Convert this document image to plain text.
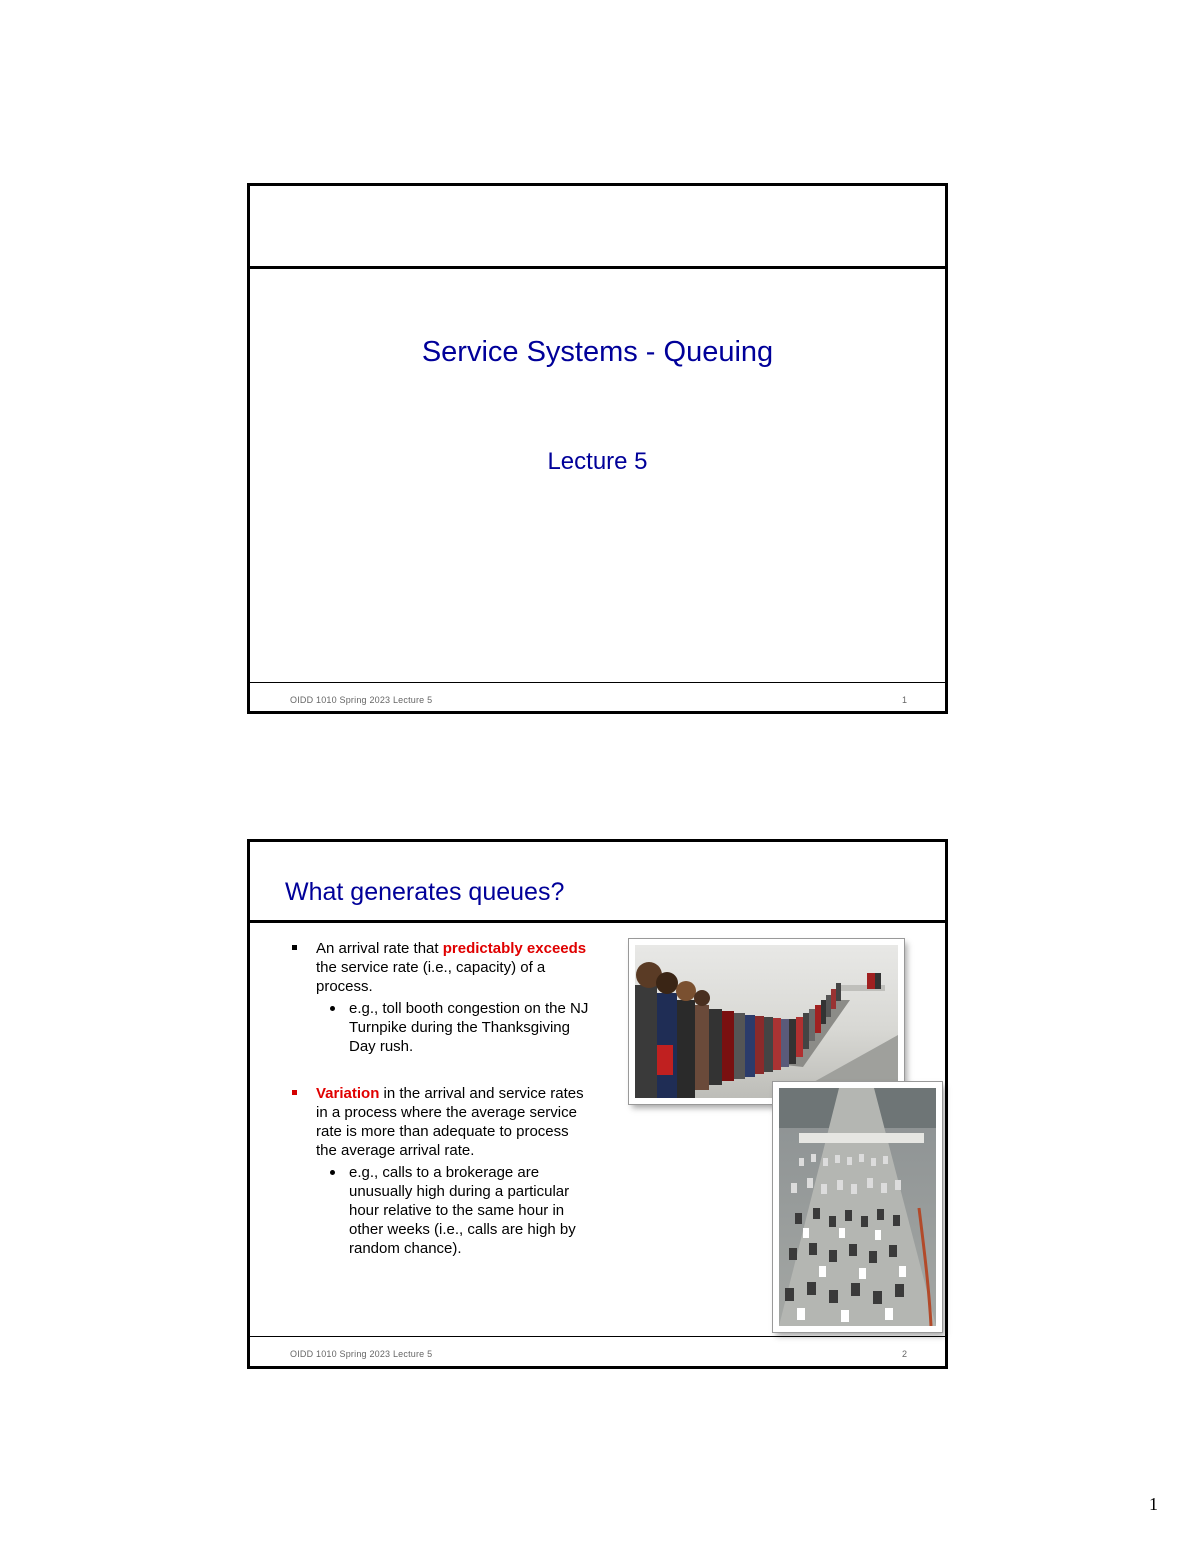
Service Systems - Queuing
Lecture 5
OIDD 1010 Spring 2023 Lecture 5	1
What generates queues?
An arrival rate that predictably exceeds the service rate (i.e., capacity) of a process.
e.g., toll booth congestion on the NJ Turnpike during the Thanksgiving Day rush.
Variation in the arrival and service rates in a process where the average service rate is more than adequate to process the average arrival rate.
e.g., calls to a brokerage are unusually high during a particular hour relative to the same hour in other weeks (i.e., calls are high by random chance).
OIDD 1010 Spring 2023 Lecture 5	2
1
